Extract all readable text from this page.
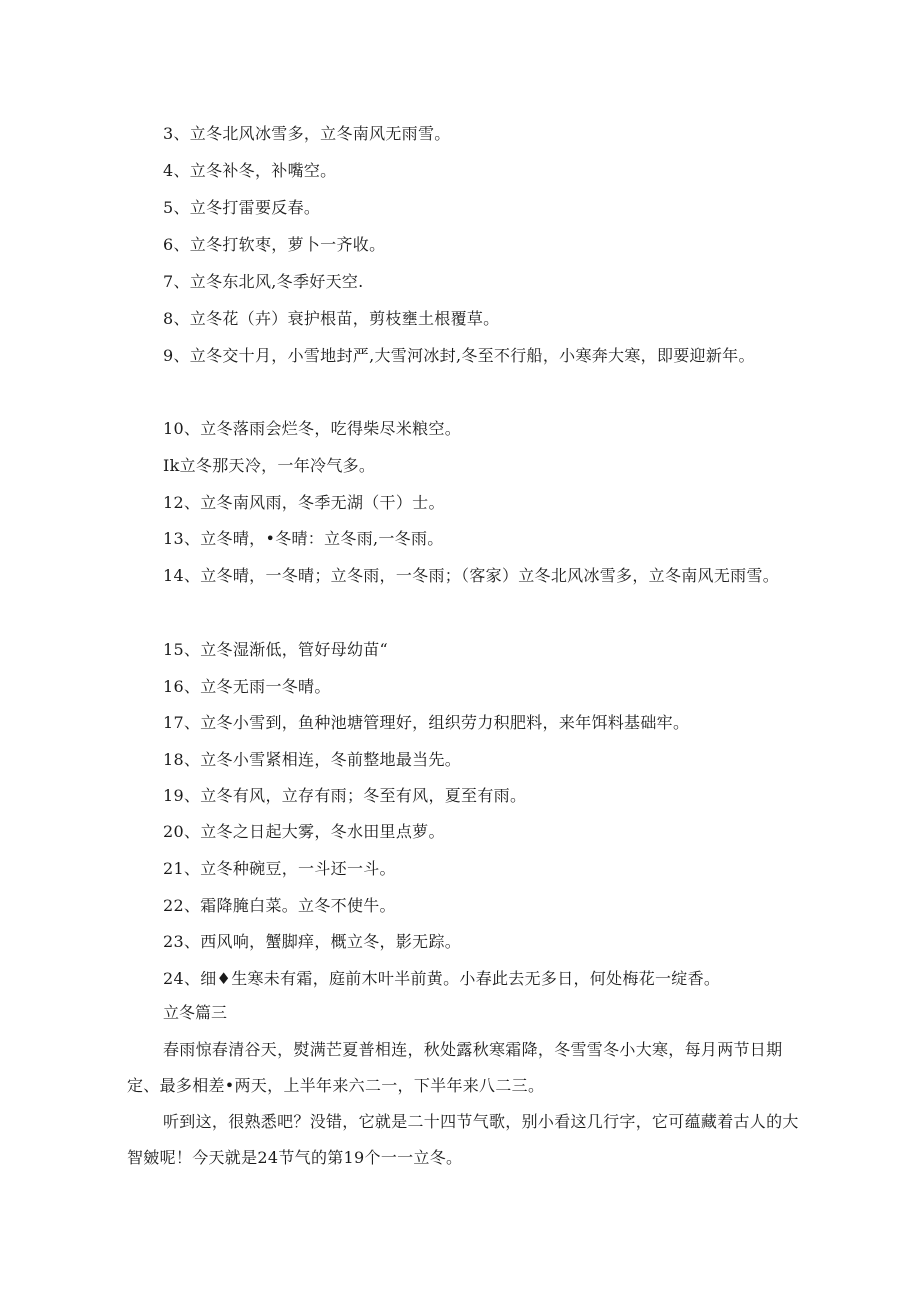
3、立冬北风冰雪多，立冬南风无雨雪。

4、立冬补冬，补嘴空。

5、立冬打雷要反春。

6、立冬打软枣，萝卜一齐收。

7、立冬东北风,冬季好天空.

8、立冬花（卉）衰护根苗，剪枝壅土根覆草。

9、立冬交十月，小雪地封严,大雪河冰封,冬至不行船，小寒奔大寒，即要迎新年。

10、立冬落雨会烂冬，吃得柴尽米粮空。

Ik立冬那天冷，一年冷气多。

12、立冬南风雨，冬季无湖（干）士。

13、立冬晴，•冬晴：立冬雨,一冬雨。

14、立冬晴，一冬晴；立冬雨，一冬雨；（客家）立冬北风冰雪多，立冬南风无雨雪。

15、立冬湿渐低，管好母幼苗“

16、立冬无雨一冬晴。

17、立冬小雪到，鱼种池塘管理好，组织劳力积肥料，来年饵料基础牢。

18、立冬小雪紧相连，冬前整地最当先。

19、立冬有风，立存有雨；冬至有风，夏至有雨。

20、立冬之日起大雾，冬水田里点萝。

21、立冬种碗豆，一斗还一斗。

22、霜降腌白菜。立冬不使牛。

23、西风响，蟹脚痒，概立冬，影无踪。

24、细♦生寒未有霜，庭前木叶半前黄。小春此去无多日，何处梅花一绽香。

立冬篇三

春雨惊春清谷天，熨满芒夏普相连，秋处露秋寒霜降，冬雪雪冬小大寒，每月两节日期定、最多相差•两天，上半年来六二一，下半年来八二三。

听到这，很熟悉吧？没错，它就是二十四节气歌，别小看这几行字，它可蕴藏着古人的大智皴呢！今天就是24节气的第19个一一立冬。
